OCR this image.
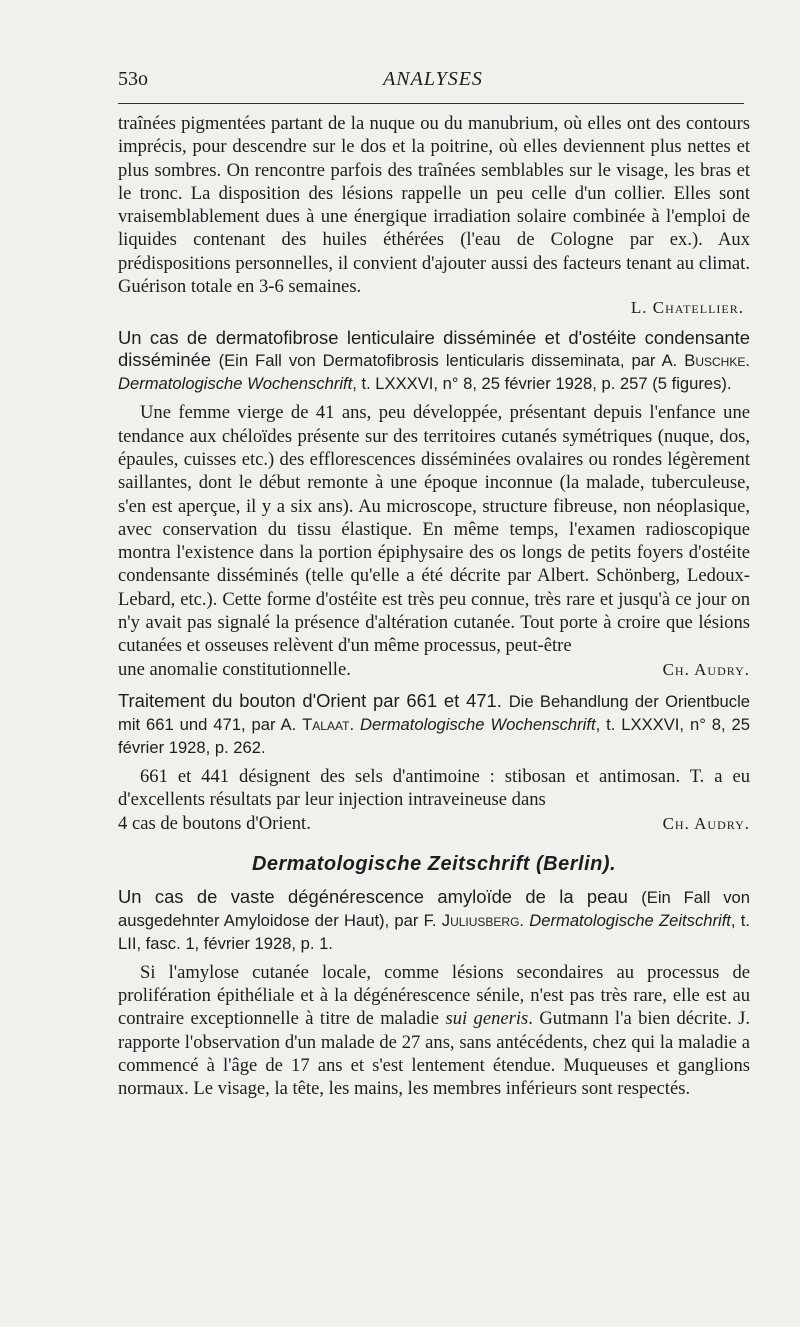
53o	ANALYSES

traînées pigmentées partant de la nuque ou du manubrium, où elles ont des contours imprécis, pour descendre sur le dos et la poitrine, où elles deviennent plus nettes et plus sombres. On rencontre parfois des traînées semblables sur le visage, les bras et le tronc. La disposition des lésions rappelle un peu celle d'un collier. Elles sont vraisemblablement dues à une énergique irradiation solaire combinée à l'emploi de liquides contenant des huiles éthérées (l'eau de Cologne par ex.). Aux prédispositions personnelles, il convient d'ajouter aussi des facteurs tenant au climat. Guérison totale en 3-6 semaines.

L. Chatellier.
Un cas de dermatofibrose lenticulaire disséminée et d'ostéite condensante disséminée (Ein Fall von Dermatofibrosis lenticularis disseminata, par A. Buschke. Dermatologische Wochenschrift, t. LXXXVI, n° 8, 25 février 1928, p. 257 (5 figures).

Une femme vierge de 41 ans, peu développée, présentant depuis l'enfance une tendance aux chéloïdes présente sur des territoires cutanés symétriques (nuque, dos, épaules, cuisses etc.) des efflorescences disséminées ovalaires ou rondes légèrement saillantes, dont le début remonte à une époque inconnue (la malade, tuberculeuse, s'en est aperçue, il y a six ans). Au microscope, structure fibreuse, non néoplasique, avec conservation du tissu élastique. En même temps, l'examen radioscopique montra l'existence dans la portion épiphysaire des os longs de petits foyers d'ostéite condensante disséminés (telle qu'elle a été décrite par Albert. Schönberg, Ledoux-Lebard, etc.). Cette forme d'ostéite est très peu connue, très rare et jusqu'à ce jour on n'y avait pas signalé la présence d'altération cutanée. Tout porte à croire que lésions cutanées et osseuses relèvent d'un même processus, peut-être

une anomalie constitutionnelle.	Ch. Audry.
Traitement du bouton d'Orient par 661 et 471. Die Behandlung der Orientbucle mit 661 und 471, par A. Talaat. Dermatologische Wochenschrift, t. LXXXVI, n° 8, 25 février 1928, p. 262.

661 et 441 désignent des sels d'antimoine : stibosan et antimosan. T. a eu d'excellents résultats par leur injection intraveineuse dans

4 cas de boutons d'Orient.	Ch. Audry.
Dermatologische Zeitschrift (Berlin).
Un cas de vaste dégénérescence amyloïde de la peau (Ein Fall von ausgedehnter Amyloidose der Haut), par F. Juliusberg. Dermatologische Zeitschrift, t. LII, fasc. 1, février 1928, p. 1.

Si l'amylose cutanée locale, comme lésions secondaires au processus de prolifération épithéliale et à la dégénérescence sénile, n'est pas très rare, elle est au contraire exceptionnelle à titre de maladie sui generis. Gutmann l'a bien décrite. J. rapporte l'observation d'un malade de 27 ans, sans antécédents, chez qui la maladie a commencé à l'âge de 17 ans et s'est lentement étendue. Muqueuses et ganglions normaux. Le visage, la tête, les mains, les membres inférieurs sont respectés.
